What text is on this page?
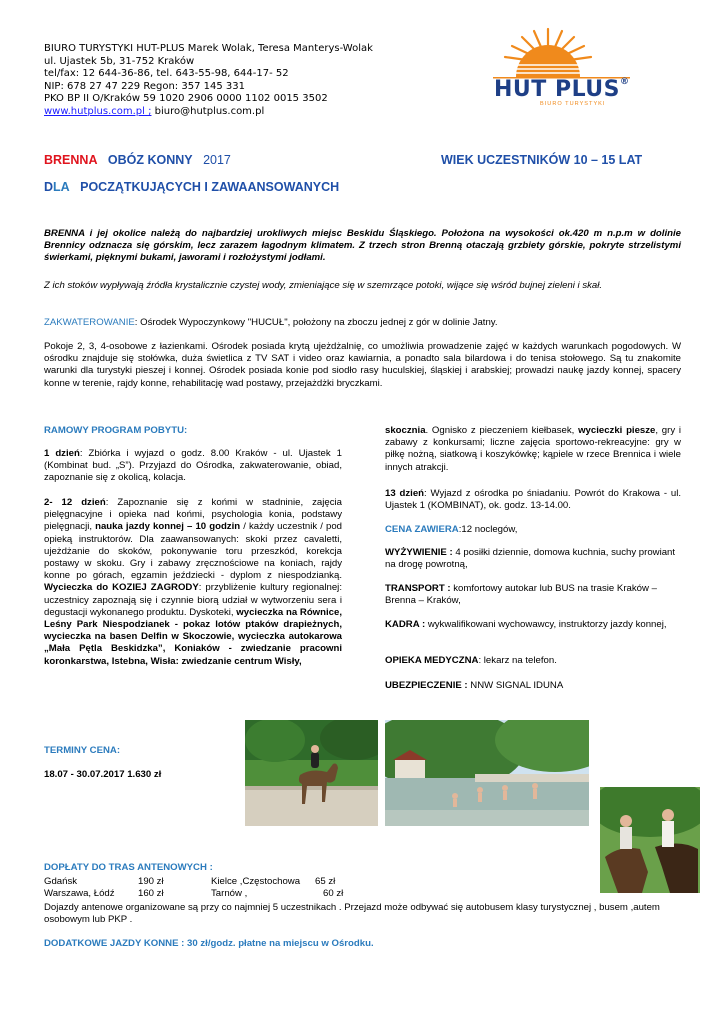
BIURO TURYSTYKI HUT-PLUS Marek Wolak, Teresa Manterys-Wolak
ul. Ujastek 5b, 31-752 Kraków
tel/fax: 12 644-36-86, tel. 643-55-98, 644-17- 52
NIP: 678 27 47 229 Regon: 357 145 331
PKO BP II O/Kraków 59 1020 2906 0000 1102 0015 3502
www.hutplus.com.pl ; biuro@hutplus.com.pl
HUT PLUS®
BIURO TURYSTYKI
BRENNA OBÓZ KONNY 2017	WIEK UCZESTNIKÓW 10 – 15 LAT
DLA POCZĄTKUJĄCYCH I ZAWAANSOWANYCH
BRENNA i jej okolice należą do najbardziej urokliwych miejsc Beskidu Śląskiego. Położona na wysokości ok.420 m n.p.m w dolinie Brennicy odznacza się górskim, lecz zarazem łagodnym klimatem. Z trzech stron Brenną otaczają grzbiety górskie, pokryte strzelistymi świerkami, pięknymi bukami, jaworami i rozłożystymi jodłami.
Z ich stoków wypływają źródła krystalicznie czystej wody, zmieniające się w szemrzące potoki, wijące się wśród bujnej zieleni i skał.
ZAKWATEROWANIE: Ośrodek Wypoczynkowy "HUCUŁ", położony na zboczu jednej z gór w dolinie Jatny.
Pokoje 2, 3, 4-osobowe z łazienkami. Ośrodek posiada krytą ujeżdżalnię, co umożliwia prowadzenie zajęć w każdych warunkach pogodowych. W ośrodku znajduje się stołówka, duża świetlica z TV SAT i video oraz kawiarnia, a ponadto sala bilardowa i do tenisa stołowego. Są tu znakomite warunki dla turystyki pieszej i konnej. Ośrodek posiada konie pod siodło rasy huculskiej, śląskiej i arabskiej; prowadzi naukę jazdy konnej, spacery konne w terenie, rajdy konne, rehabilitację wad postawy, przejażdżki bryczkami.
RAMOWY PROGRAM POBYTU:
1 dzień: Zbiórka i wyjazd o godz. 8.00 Kraków - ul. Ujastek 1 (Kombinat bud. „S”). Przyjazd do Ośrodka, zakwaterowanie, obiad, zapoznanie się z okolicą, kolacja.
2- 12 dzień: Zapoznanie się z końmi w stadninie, zajęcia pielęgnacyjne i opieka nad końmi, psychologia konia, podstawy pielęgnacji, nauka jazdy konnej – 10 godzin / każdy uczestnik / pod opieką instruktorów. Dla zaawansowanych: skoki przez cavaletti, ujeżdżanie do skoków, pokonywanie toru przeszkód, korekcja postawy w skoku. Gry i zabawy zręcznościowe na koniach, rajdy konne po górach, egzamin jeździecki - dyplom z niespodzianką. Wycieczka do KOZIEJ ZAGRODY: przybliżenie kultury regionalnej: uczestnicy zapoznają się i czynnie biorą udział w wytworzeniu sera i degustacji wykonanego produktu. Dyskoteki, wycieczka na Równice, Leśny Park Niespodzianek - pokaz lotów ptaków drapieżnych, wycieczka na basen Delfin w Skoczowie, wycieczka autokarowa „Mała Pętla Beskidzka”, Koniaków - zwiedzanie pracowni koronkarstwa, Istebna, Wisła: zwiedzanie centrum Wisły,
skocznia. Ognisko z pieczeniem kiełbasek, wycieczki piesze, gry i zabawy z konkursami; liczne zajęcia sportowo-rekreacyjne: gry w piłkę nożną, siatkową i koszykówkę; kąpiele w rzece Brennica i wiele innych atrakcji.
13 dzień: Wyjazd z ośrodka po śniadaniu. Powrót do Krakowa - ul. Ujastek 1 (KOMBINAT), ok. godz. 13-14.00.
CENA ZAWIERA:12 noclegów,
WYŻYWIENIE : 4 posiłki dziennie, domowa kuchnia, suchy prowiant na drogę powrotną,
TRANSPORT : komfortowy autokar lub BUS na trasie Kraków – Brenna – Kraków,
KADRA : wykwalifikowani wychowawcy, instruktorzy jazdy konnej,
OPIEKA MEDYCZNA: lekarz na telefon.
UBEZPIECZENIE : NNW SIGNAL IDUNA
TERMINY CENA:
18.07 - 30.07.2017 1.630 zł
DOPŁATY DO TRAS ANTENOWYCH :
Gdańsk	190 zł	Kielce ,Częstochowa	65 zł
Warszawa, Łódź	160 zł	Tarnów ,	60 zł
Dojazdy antenowe organizowane są przy co najmniej 5 uczestnikach . Przejazd może odbywać się autobusem klasy turystycznej , busem ,autem osobowym lub PKP .
DODATKOWE JAZDY KONNE : 30 zł/godz. płatne na miejscu w Ośrodku.
